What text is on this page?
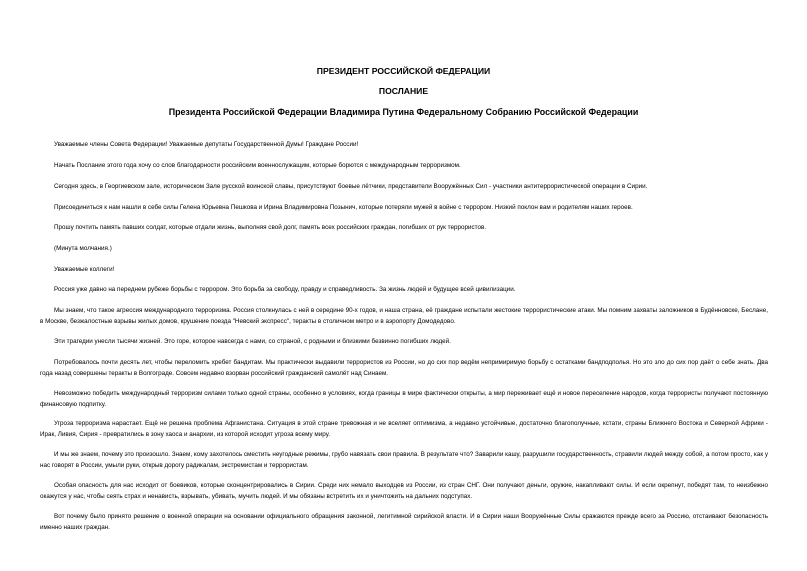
ПРЕЗИДЕНТ РОССИЙСКОЙ ФЕДЕРАЦИИ
ПОСЛАНИЕ
Президента Российской Федерации Владимира Путина Федеральному Собранию Российской Федерации

Уважаемые члены Совета Федерации! Уважаемые депутаты Государственной Думы! Граждане России!

Начать Послание этого года хочу со слов благодарности российским военнослужащим, которые борются с международным терроризмом.

Сегодня здесь, в Георгиевском зале, историческом Зале русской воинской славы, присутствуют боевые лётчики, представители Вооружённых Сил - участники антитеррористической операции в Сирии.

Присоединиться к нам нашли в себе силы Гелена Юрьевна Пешкова и Ирина Владимировна Позынич, которые потеряли мужей в войне с террором. Низкий поклон вам и родителям наших героев.

Прошу почтить память павших солдат, которые отдали жизнь, выполняя свой долг, память всех российских граждан, погибших от рук террористов.

(Минута молчания.)

Уважаемые коллеги!

Россия уже давно на переднем рубеже борьбы с террором. Это борьба за свободу, правду и справедливость. За жизнь людей и будущее всей цивилизации.

Мы знаем, что такое агрессия международного терроризма. Россия столкнулась с ней в середине 90-х годов, и наша страна, её граждане испытали жестокие террористические атаки. Мы помним захваты заложников в Будённовске, Беслане, в Москве, безжалостные взрывы жилых домов, крушение поезда "Невский экспресс", теракты в столичном метро и в аэропорту Домодедово.

Эти трагедии унесли тысячи жизней. Это горе, которое навсегда с нами, со страной, с родными и близкими безвинно погибших людей.

Потребовалось почти десять лет, чтобы переломить хребет бандитам. Мы практически выдавили террористов из России, но до сих пор ведём непримиримую борьбу с остатками бандподполья. Но это зло до сих пор даёт о себе знать. Два года назад совершены теракты в Волгограде. Совсем недавно взорван российский гражданский самолёт над Синаем.

Невозможно победить международный терроризм силами только одной страны, особенно в условиях, когда границы в мире фактически открыты, а мир переживает ещё и новое переселение народов, когда террористы получают постоянную финансовую подпитку.

Угроза терроризма нарастает. Ещё не решена проблема Афганистана. Ситуация в этой стране тревожная и не вселяет оптимизма, а недавно устойчивые, достаточно благополучные, кстати, страны Ближнего Востока и Северной Африки - Ирак, Ливия, Сирия - превратились в зону хаоса и анархии, из которой исходит угроза всему миру.

И мы же знаем, почему это произошло. Знаем, кому захотелось сместить неугодные режимы, грубо навязать свои правила. В результате что? Заварили кашу, разрушили государственность, стравили людей между собой, а потом просто, как у нас говорят в России, умыли руки, открыв дорогу радикалам, экстремистам и террористам.

Особая опасность для нас исходит от боевиков, которые сконцентрировались в Сирии. Среди них немало выходцев из России, из стран СНГ. Они получают деньги, оружие, накапливают силы. И если окрепнут, победят там, то неизбежно окажутся у нас, чтобы сеять страх и ненависть, взрывать, убивать, мучить людей. И мы обязаны встретить их и уничтожить на дальних подступах.

Вот почему было принято решение о военной операции на основании официального обращения законной, легитимной сирийской власти. И в Сирии наши Вооружённые Силы сражаются прежде всего за Россию, отстаивают безопасность именно наших граждан.
